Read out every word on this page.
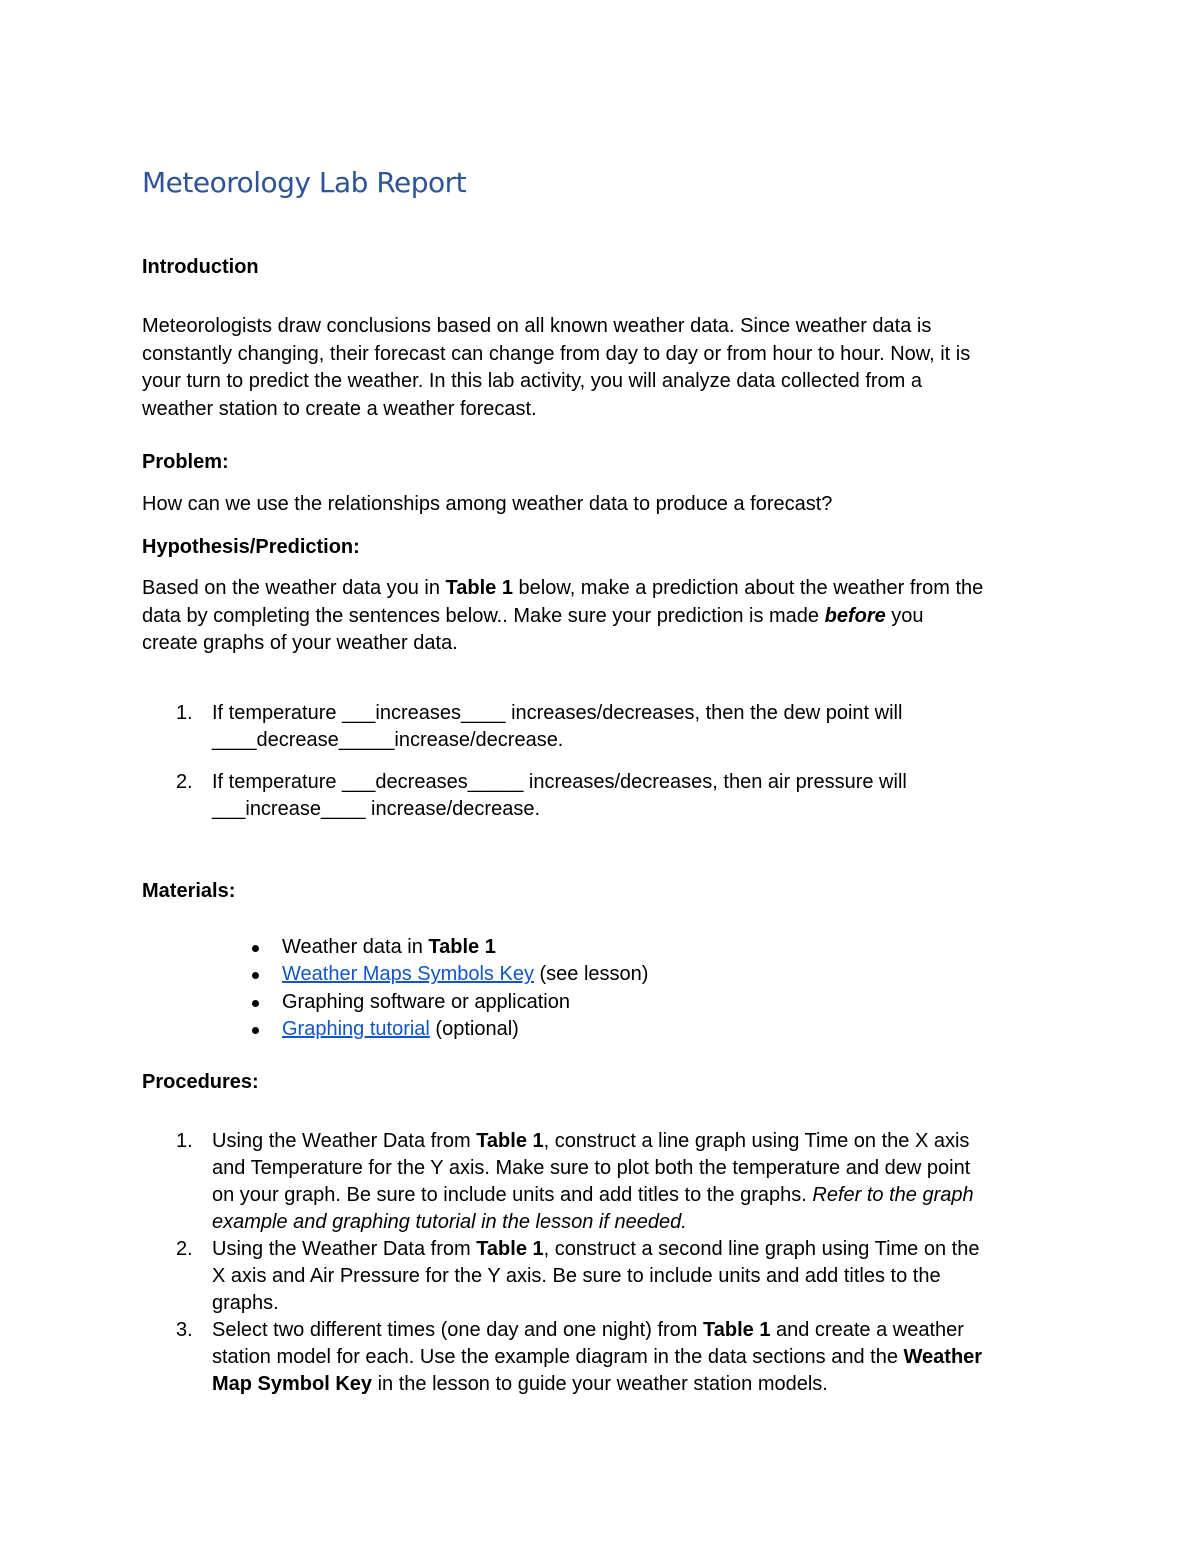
Meteorology Lab Report
Introduction
Meteorologists draw conclusions based on all known weather data. Since weather data is
constantly changing, their forecast can change from day to day or from hour to hour. Now, it is
your turn to predict the weather. In this lab activity, you will analyze data collected from a
weather station to create a weather forecast.
Problem:
How can we use the relationships among weather data to produce a forecast?
Hypothesis/Prediction:
Based on the weather data you in Table 1 below, make a prediction about the weather from the
data by completing the sentences below.. Make sure your prediction is made before you
create graphs of your weather data.
1. If temperature ___increases____ increases/decreases, then the dew point will
____decrease_____increase/decrease.
2. If temperature ___decreases_____ increases/decreases, then air pressure will
___increase____ increase/decrease.
Materials:
Weather data in Table 1
Weather Maps Symbols Key (see lesson)
Graphing software or application
Graphing tutorial (optional)
Procedures:
1. Using the Weather Data from Table 1, construct a line graph using Time on the X axis
and Temperature for the Y axis. Make sure to plot both the temperature and dew point
on your graph. Be sure to include units and add titles to the graphs. Refer to the graph
example and graphing tutorial in the lesson if needed.
2. Using the Weather Data from Table 1, construct a second line graph using Time on the
X axis and Air Pressure for the Y axis. Be sure to include units and add titles to the
graphs.
3. Select two different times (one day and one night) from Table 1 and create a weather
station model for each. Use the example diagram in the data sections and the Weather
Map Symbol Key in the lesson to guide your weather station models.
